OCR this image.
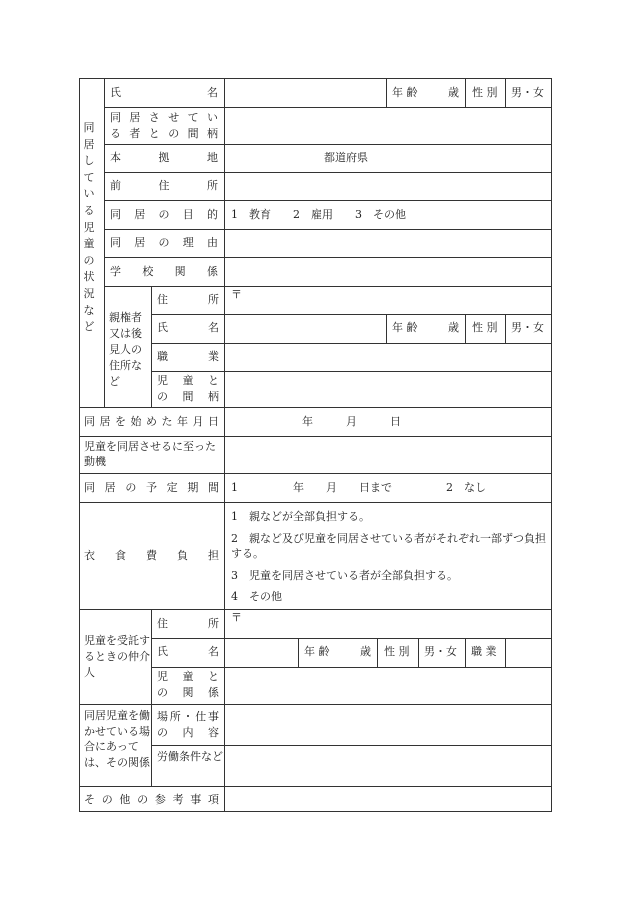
同居している児童の状況など
氏　　名	年 齢	歳 性 別 男・女
同居させてい
る者との間柄
本拠地	都道府県
前住所
同居の目的 1　教育　　2　雇用　　3　その他
同居の理由
学校関係
親権者又は後見人の住所など
住所 〒
氏　　名	年 齢	歳 性 別 男・女
職業
児童と
の間柄
同居を始めた年月日	年　　　月　　　日
児童を同居させるに至った動機
同居の予定期間 1　　　　　年　　月　　日まで	2　なし
衣食費負担
1　親などが全部負担する。
2　親など及び児童を同居させている者がそれぞれ一部ずつ負担する。
3　児童を同居させている者が全部負担する。
4　その他
児童を受託するときの仲介人
住所 〒
氏　　名	年 齢	歳 性 別 男・女 職 業
児童と
の関係
同居児童を働かせている場合にあっては、その関係
場所・仕事
の内容
労働条件など
その他の参考事項
